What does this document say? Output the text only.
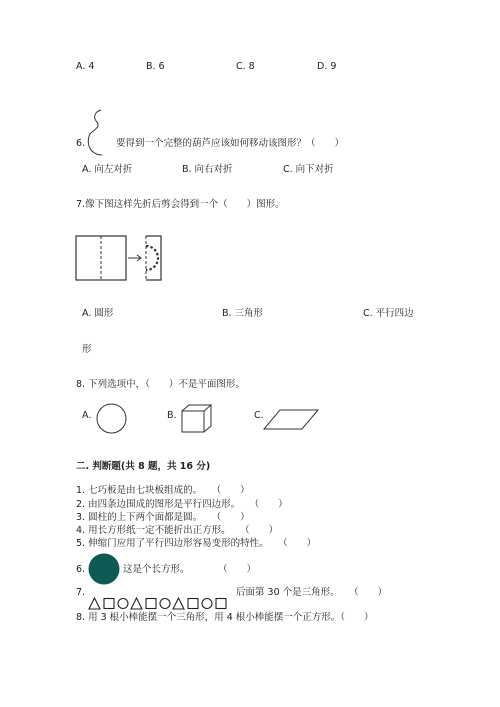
A. 4	B. 6	C. 8	D. 9
6.	要得到一个完整的葫芦应该如何移动该图形？（　　）
A. 向左对折	B. 向右对折	C. 向下对折
7.像下图这样先折后剪会得到一个（　　）图形。
A. 圆形	B. 三角形	C. 平行四边
形
8. 下列选项中，（　　）不是平面图形。
A.	B.	C.
二. 判断题(共 8 题，共 16 分)
1. 七巧板是由七块板组成的。　　（　　）
2. 由四条边围成的图形是平行四边形。　　（　　）
3. 圆柱的上下两个面都是圆。　　（　　）
4. 用长方形纸一定不能折出正方形。　　（　　）
5. 伸缩门应用了平行四边形容易变形的特性。　　（　　）
6.	这是个长方形。　　　　（　　）
7.	后面第 30 个是三角形。　　（　　）
8. 用 3 根小棒能摆一个三角形，用 4 根小棒能摆一个正方形。（　　）
